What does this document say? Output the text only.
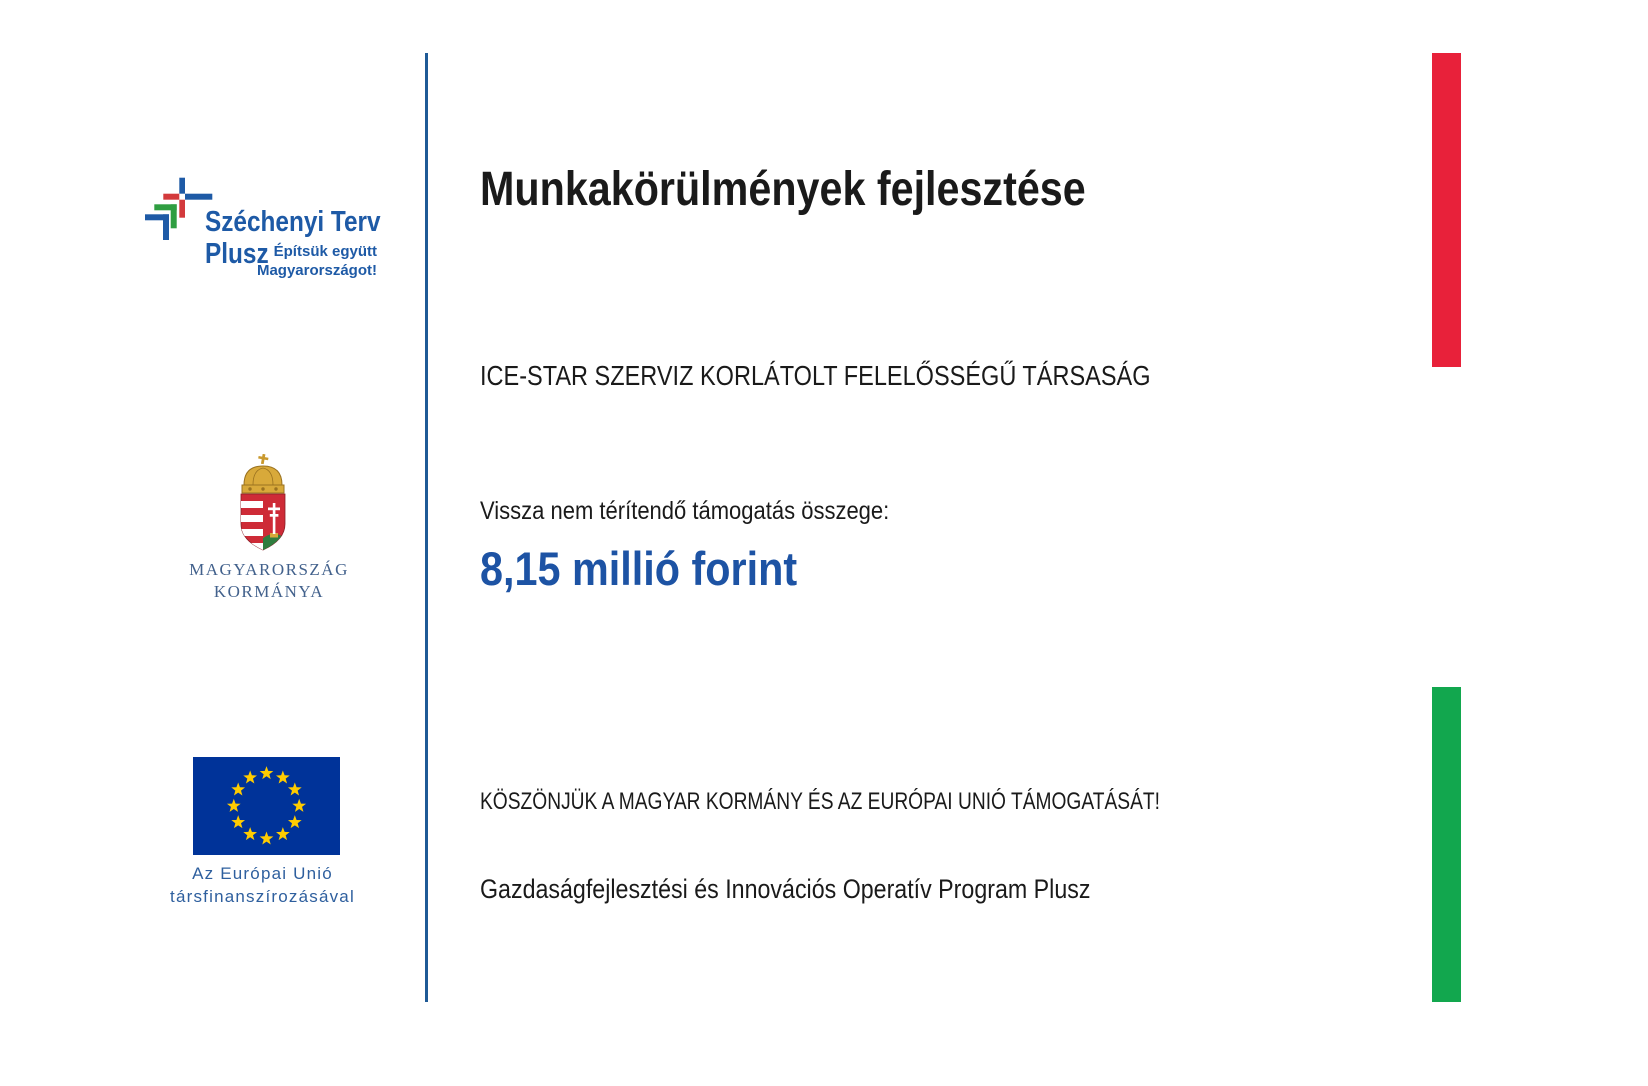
Széchenyi Terv
Plusz Építsük együtt
Magyarországot!
MAGYARORSZÁG
KORMÁNYA
Az Európai Unió
társfinanszírozásával
Munkakörülmények fejlesztése
ICE-STAR SZERVIZ KORLÁTOLT FELELŐSSÉGŰ TÁRSASÁG
Vissza nem térítendő támogatás összege:
8,15 millió forint
KÖSZÖNJÜK A MAGYAR KORMÁNY ÉS AZ EURÓPAI UNIÓ TÁMOGATÁSÁT!
Gazdaságfejlesztési és Innovációs Operatív Program Plusz
